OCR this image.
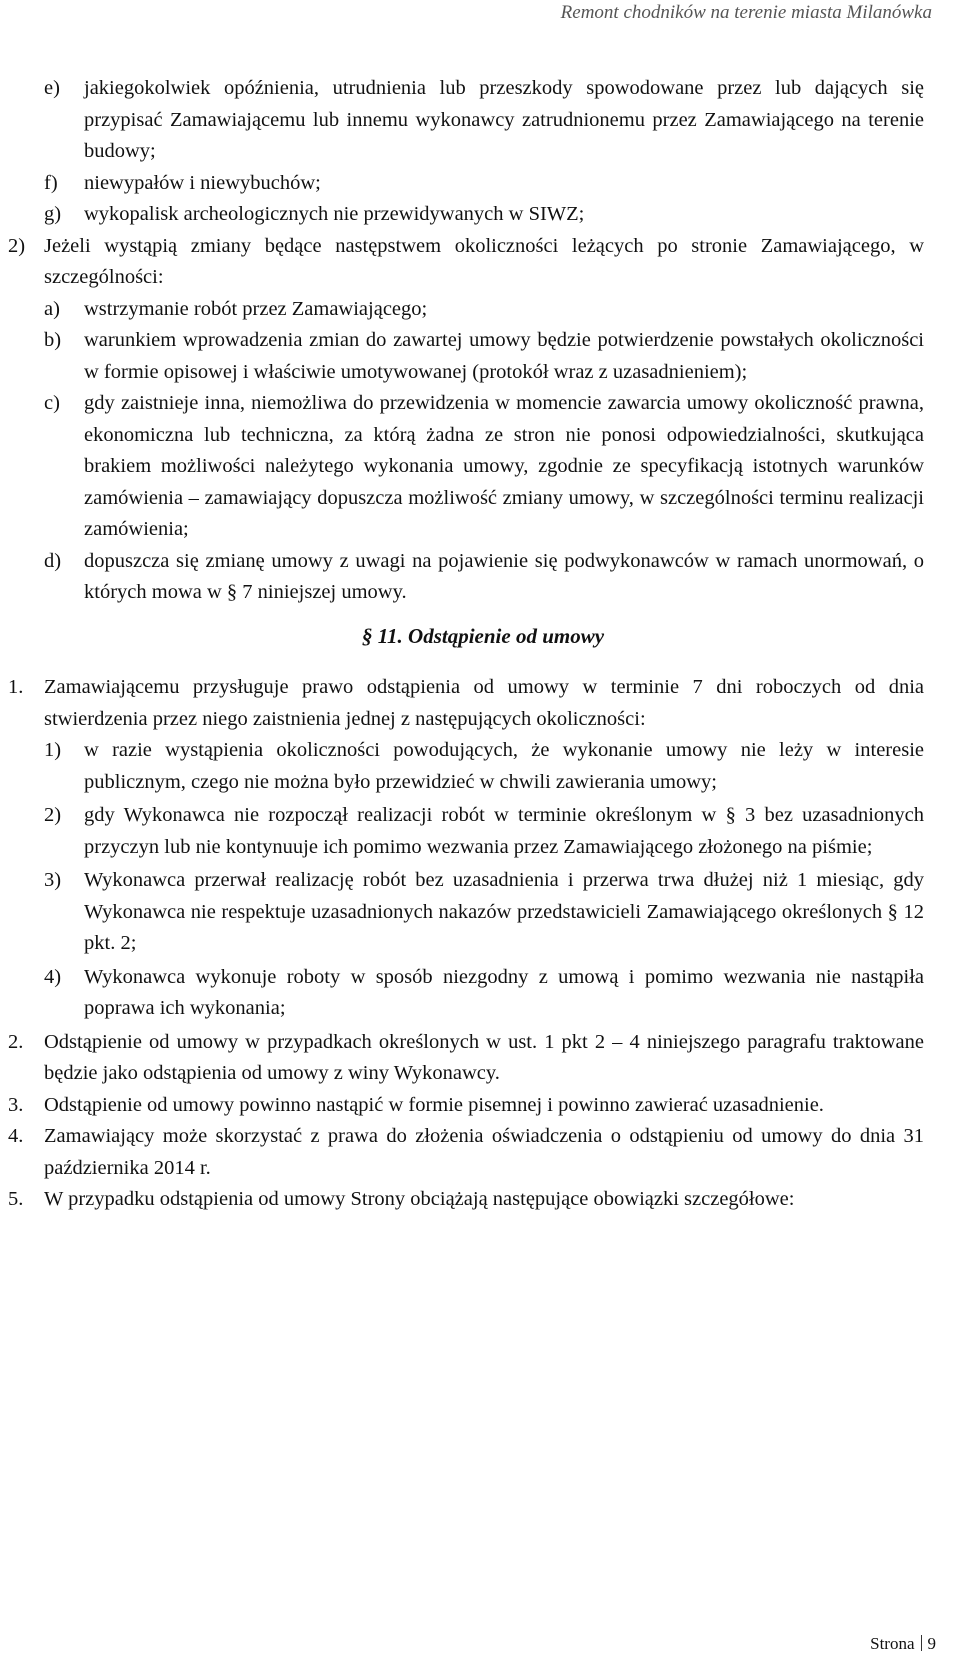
Remont chodników na terenie miasta Milanówka

e) jakiegokolwiek opóźnienia, utrudnienia lub przeszkody spowodowane przez lub dających się przypisać Zamawiającemu lub innemu wykonawcy zatrudnionemu przez Zamawiającego na terenie budowy;

f) niewypałów i niewybuchów;

g) wykopalisk archeologicznych nie przewidywanych w SIWZ;

2) Jeżeli wystąpią zmiany będące następstwem okoliczności leżących po stronie Zamawiającego, w szczególności:

a) wstrzymanie robót przez Zamawiającego;

b) warunkiem wprowadzenia zmian do zawartej umowy będzie potwierdzenie powstałych okoliczności w formie opisowej i właściwie umotywowanej (protokół wraz z uzasadnieniem);

c) gdy zaistnieje inna, niemożliwa do przewidzenia w momencie zawarcia umowy okoliczność prawna, ekonomiczna lub techniczna, za którą żadna ze stron nie ponosi odpowiedzialności, skutkująca brakiem możliwości należytego wykonania umowy, zgodnie ze specyfikacją istotnych warunków zamówienia – zamawiający dopuszcza możliwość zmiany umowy, w szczególności terminu realizacji zamówienia;

d) dopuszcza się zmianę umowy z uwagi na pojawienie się podwykonawców w ramach unormowań, o których mowa w § 7 niniejszej umowy.

§ 11. Odstąpienie od umowy

1. Zamawiającemu przysługuje prawo odstąpienia od umowy w terminie 7 dni roboczych od dnia stwierdzenia przez niego zaistnienia jednej z następujących okoliczności:

1) w razie wystąpienia okoliczności powodujących, że wykonanie umowy nie leży w interesie publicznym, czego nie można było przewidzieć w chwili zawierania umowy;

2) gdy Wykonawca nie rozpoczął realizacji robót w terminie określonym w § 3 bez uzasadnionych przyczyn lub nie kontynuuje ich pomimo wezwania przez Zamawiającego złożonego na piśmie;

3) Wykonawca przerwał realizację robót bez uzasadnienia i przerwa trwa dłużej niż 1 miesiąc, gdy Wykonawca nie respektuje uzasadnionych nakazów przedstawicieli Zamawiającego określonych § 12 pkt. 2;

4) Wykonawca wykonuje roboty w sposób niezgodny z umową i pomimo wezwania nie nastąpiła poprawa ich wykonania;

2. Odstąpienie od umowy w przypadkach określonych w ust. 1 pkt 2 – 4 niniejszego paragrafu traktowane będzie jako odstąpienia od umowy z winy Wykonawcy.

3. Odstąpienie od umowy powinno nastąpić w formie pisemnej i powinno zawierać uzasadnienie.

4. Zamawiający może skorzystać z prawa do złożenia oświadczenia o odstąpieniu od umowy do dnia 31 października 2014 r.

5. W przypadku odstąpienia od umowy Strony obciążają następujące obowiązki szczegółowe:

Strona 9
